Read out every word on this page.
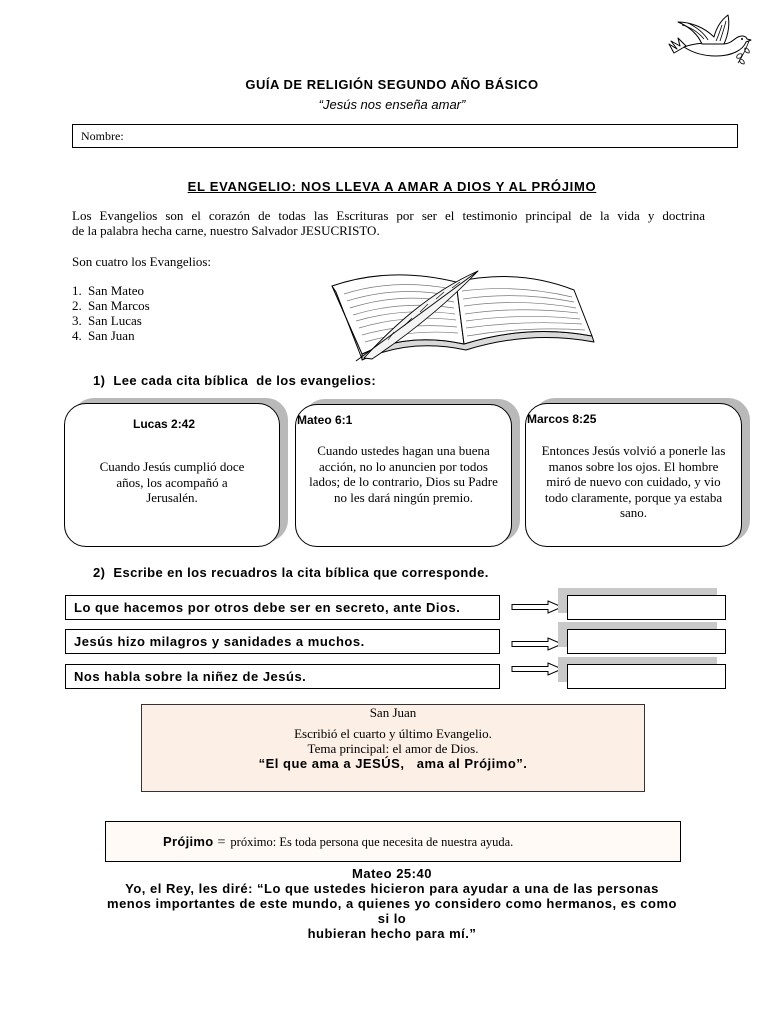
GUÍA DE RELIGIÓN SEGUNDO AÑO BÁSICO
“Jesús nos enseña amar”
Nombre:
EL EVANGELIO: NOS LLEVA A AMAR A DIOS Y AL PRÓJIMO
Los Evangelios son el corazón de todas las Escrituras por ser el testimonio principal de la vida y doctrina
de la palabra hecha carne, nuestro Salvador JESUCRISTO.
Son cuatro los Evangelios:
1. San Mateo
2. San Marcos
3. San Lucas
4. San Juan
1)  Lee cada cita bíblica  de los evangelios:
Lucas 2:42
Cuando Jesús cumplió doce
años, los acompañó a
Jerusalén.
Mateo 6:1
Cuando ustedes hagan una buena
acción, no lo anuncien por todos
lados; de lo contrario, Dios su Padre
no les dará ningún premio.
Marcos 8:25
Entonces Jesús volvió a ponerle las
manos sobre los ojos. El hombre
miró de nuevo con cuidado, y vio
todo claramente, porque ya estaba
sano.
2)  Escribe en los recuadros la cita bíblica que corresponde.
Lo que hacemos por otros debe ser en secreto, ante Dios.
Jesús hizo milagros y sanidades a muchos.
Nos habla sobre la niñez de Jesús.
San Juan
Escribió el cuarto y último Evangelio.
Tema principal: el amor de Dios.
“El que ama a JESÚS,   ama al Prójimo”.
Prójimo = próximo: Es toda persona que necesita de nuestra ayuda.
Mateo 25:40
Yo, el Rey, les diré: “Lo que ustedes hicieron para ayudar a una de las personas
menos importantes de este mundo, a quienes yo considero como hermanos, es como
si lo
hubieran hecho para mí.”
